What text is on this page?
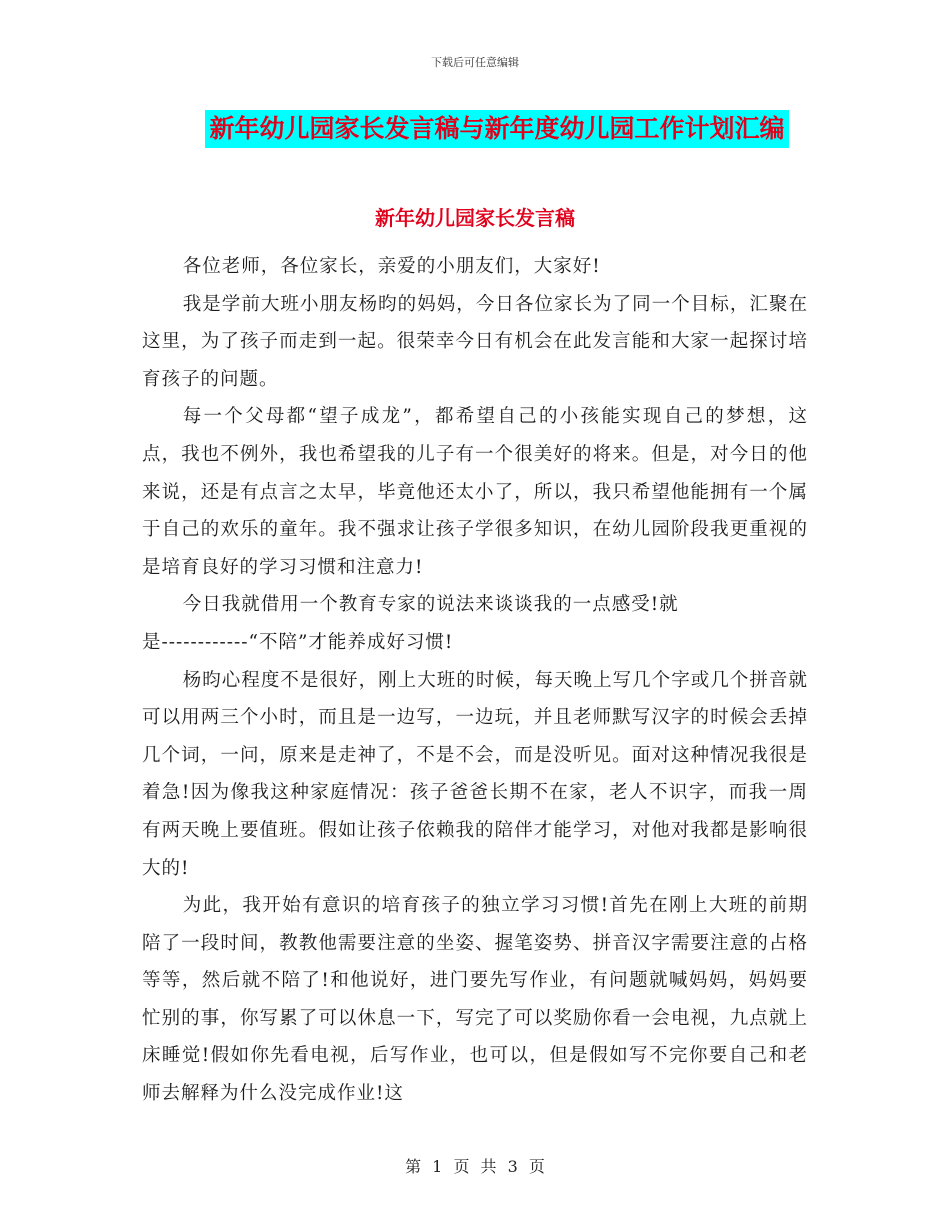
下载后可任意编辑
新年幼儿园家长发言稿与新年度幼儿园工作计划汇编
新年幼儿园家长发言稿

各位老师，各位家长，亲爱的小朋友们，大家好!

我是学前大班小朋友杨昀的妈妈，今日各位家长为了同一个目标，汇聚在这里，为了孩子而走到一起。很荣幸今日有机会在此发言能和大家一起探讨培育孩子的问题。

每一个父母都“望子成龙”，都希望自己的小孩能实现自己的梦想，这点，我也不例外，我也希望我的儿子有一个很美好的将来。但是，对今日的他来说，还是有点言之太早，毕竟他还太小了，所以，我只希望他能拥有一个属于自己的欢乐的童年。我不强求让孩子学很多知识，在幼儿园阶段我更重视的是培育良好的学习习惯和注意力!

今日我就借用一个教育专家的说法来谈谈我的一点感受!就

是------------“不陪”才能养成好习惯!

杨昀心程度不是很好，刚上大班的时候，每天晚上写几个字或几个拼音就可以用两三个小时，而且是一边写，一边玩，并且老师默写汉字的时候会丢掉几个词，一问，原来是走神了，不是不会，而是没听见。面对这种情况我很是着急!因为像我这种家庭情况：孩子爸爸长期不在家，老人不识字，而我一周有两天晚上要值班。假如让孩子依赖我的陪伴才能学习，对他对我都是影响很大的!

为此，我开始有意识的培育孩子的独立学习习惯!首先在刚上大班的前期陪了一段时间，教教他需要注意的坐姿、握笔姿势、拼音汉字需要注意的占格等等，然后就不陪了!和他说好，进门要先写作业，有问题就喊妈妈，妈妈要忙别的事，你写累了可以休息一下，写完了可以奖励你看一会电视，九点就上床睡觉!假如你先看电视，后写作业，也可以，但是假如写不完你要自己和老师去解释为什么没完成作业!这

第 1 页 共 3 页
